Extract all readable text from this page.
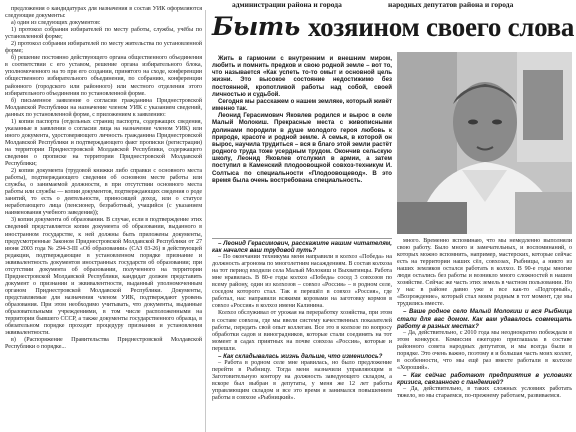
администрации района и города	народных депутатов района и города

предложения о кандидатурах для назначения в состав УИК оформляются следующие документы:

а) один из следующих документов:

1) протокол собрания избирателей по месту работы, службы, учёбы по установленной форме;

2) протокол собрания избирателей по месту жительства по установленной форме;

б) решение постоянно действующего органа общественного объединения в соответствии с его уставом, решение органа избирательного блока, уполномоченного на то при его создании, принятого на сходе, конференции общественного избирательного объединения, по собранию, конференции районного (городского или районного) или местного отделения этого избирательного объединения по установленной форме.

б) письменное заявление о согласии гражданина Приднестровской Молдавской Республики на назначение членом УИК с указанием сведений, данных по установленной форме, с приложением к заявлению:

1) копии паспорта (отдельных страниц паспорта, содержащих сведения, указанные в заявлении о согласии лица на назначение членом УИК) или иного документа, удостоверяющего личность гражданина Приднестровской Молдавской Республики и подтверждающего факт прописки (регистрации) на территории Приднестровской Молдавской Республики, содержащего сведения о прописке на территории Приднестровской Молдавской Республики;

2) копии документа (трудовой книжки либо справки с основного места работы), подтверждающего сведения об основном месте работы или службы, о занимаемой должности, в при отсутствии основного места работы или службы — копии документов, подтверждающих сведения о роде занятий, то есть о деятельности, приносящей доход, или о статусе неработающего лица (пенсионер, безработный, учащийся (с указанием наименования учебного заведения));

3) копии документа об образовании. В случае, если в подтверждение этих сведений представляется копия документа об образовании, выданного в иностранном государстве, к ней должны быть приложены документы, предусмотренные Законом Приднестровской Молдавской Республики от 27 июня 2003 года № 294-З-III «Об образовании» (САЗ 03-26) в действующей редакции, подтверждающие в установленном порядке признание и эквивалентность документов иностранных государств об образовании; при отсутствии документа об образовании, полученного на территории Приднестровской Молдавской Республики, кандидат должен представить документ о признании и эквивалентности, выданный уполномоченным органом Приднестровской Молдавской Республики. Документы, представляемые для назначения членом УИК, подтверждают уровень образования. При этом необходимо учитывать, что документы, выданные образовательными учреждениями, в том числе расположенными на территории бывшего СССР, а также документы государственного образца, в обязательном порядке проходят процедуру признания и установления эквивалентности.

в) (Распоряжение Правительства Приднестровской Молдавской Республики о порядке...

Быть хозяином своего слова

Жить в гармонии с внутренним и внешним миром, любить и помнить предков и свою родной земле – вот то, что называется «Как успеть то-то омыт и основной цель жизни. Это высокое состояние недостижимо без постоянной, кропотливой работы над собой, своей личностью и судьбой.

Сегодня мы расскажем о нашем земляке, который живёт именно так.

Леонид Герасимович Яковлев родился и вырос в селе Малый Молокиш. Прекрасные места с живописными долинами породили в душе молодого героя любовь к природе, красоте и родной земле. А семья, в которой он вырос, научила трудиться – вся в благо этой земли растёт родного труда тоже усердным трудом. Окончив сельскую школу, Леонид Яковлев отслужил в армии, а затем поступил в Каменский плодоовощной совхоз-техникум И. Солтыса по специальности «Плодоовощевод». В это время была очень востребована специальность.

– Леонид Герасимович, расскажите нашим читателям, как начался ваш трудовой путь?

– По окончании техникума меня направили в колхоз «Победа» на должность агронома по многолетним насаждениям. В состав колхоза на тот период входили села Малый Молокиш и Выхватинцы. Работа мне нравилась. В 80-е годы колхоз «Победа» сосед 3 совхозов по всему району, один из колхозов – совхоз «Россия» – в родном селе, соседом которого стал. Так я перешёл в совхоз «Россия», где работал, нас направили всякими коровами на заготовку кормов в совхоз «Россия» в колхоз имени Калинина.

Колхоз обслуживал от урожая на переработку хозяйства, при этом в составе совхоза, где мы ввели систему качественных показателей работы, передать свой опыт коллегам. Все это в колхозе по вопросу обработки садов и виноградников, которые стали соединять на тот момент в садах приятных на почве совхоза «Россия», которые и перешли.

– Как складывалась жизнь дальше, что изменилось?

– Работа в родном селе мне нравилась, но было предложение перейти в Рыбницу. Тогда меня назначили управляющим в Заготовительную контору на должность заведующего складом, а вскоре был выбран в депутаты, у меня же 12 лет работы управляющим складом и все это время я занимался повышением работы в совхозе «Рыбницкий».

много. Временно вспоминаю, что мы немедленно выполняли свою работу. Было много и замечательных, и воспоминаний, о которых можно вспомнить, например, мастерских, которые сейчас есть на территории наших сёл, совхозах, Рыбницы, а никто из наших земляков остался работать в колхоз. В 90-е годы многие люди остались без работы и возникло много сложностей в нашем хозяйстве. Сейчас же часть этих земель в частном пользовании. Но у нас в районе давно уже и все как-то «Подгорный», «Возрождение», который стал моим родным в тот момент, где мы трудились вместе.

– Ваше родное село Малый Молокиш и вся Рыбница стали для вас домом. Как вам удавалось совмещать работу в разных местах?

– Да, действительно, с 2010 года мы неоднократно побеждали в этом конкурсе. Комиссия ежегодно приглашала в составе районного совета народных депутатов, и мы всегда были в порядке. Это очень важно, поэтому я и большая часть моих коллег, в особенности, что мы ещё раз вместе работали в колхозе «Хороший».

– Как сейчас работают предприятия в условиях кризиса, связанного с пандемией?

– Да, действительно, в таких сложных условиях работать тяжело, но мы стараемся, по-прежнему работаем, развиваемся.
